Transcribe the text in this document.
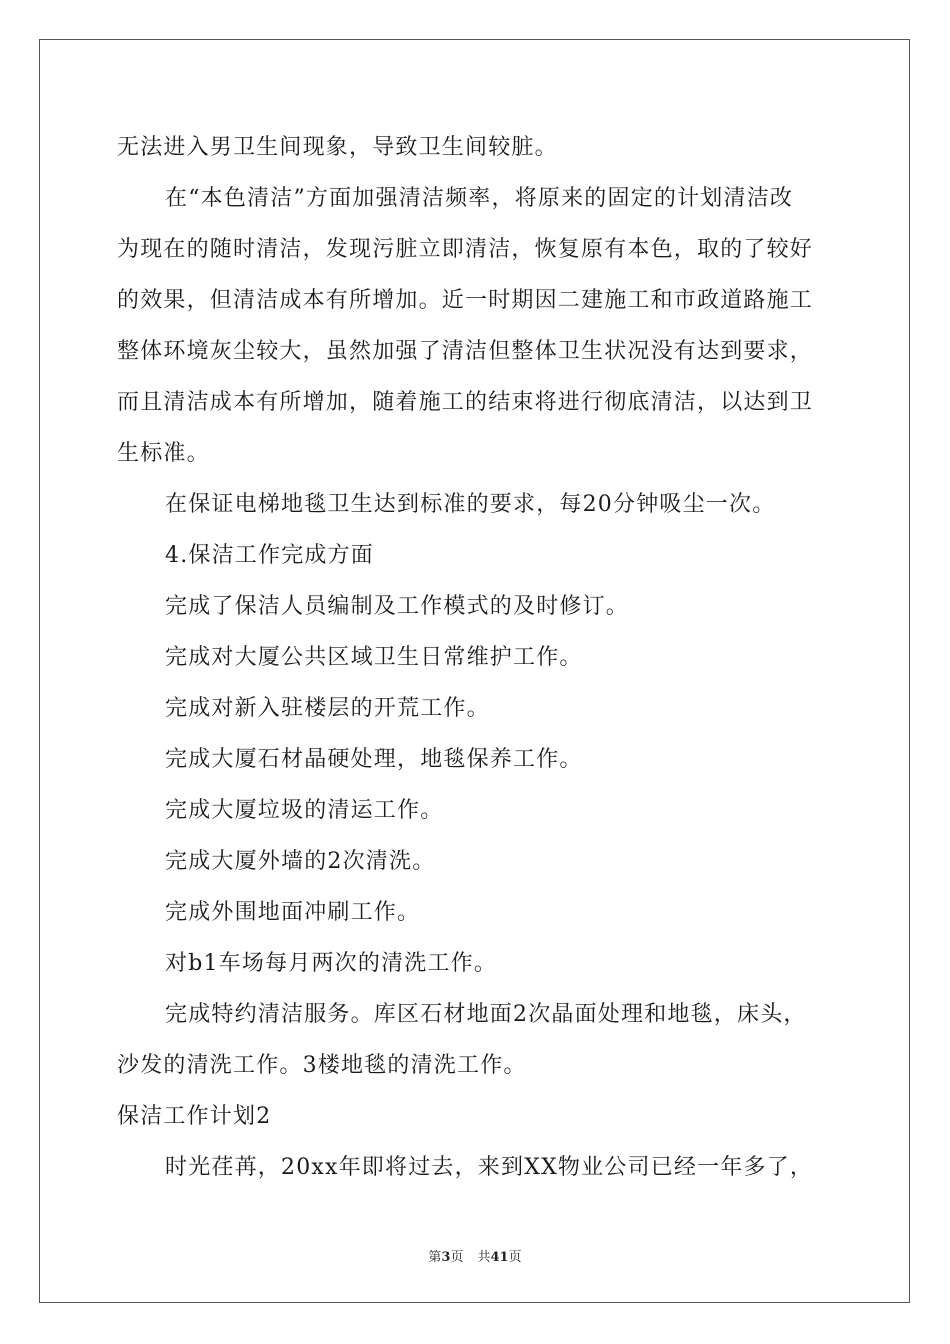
无法进入男卫生间现象，导致卫生间较脏。
在“本色清洁”方面加强清洁频率，将原来的固定的计划清洁改
为现在的随时清洁，发现污脏立即清洁，恢复原有本色，取的了较好
的效果，但清洁成本有所增加。近一时期因二建施工和市政道路施工
整体环境灰尘较大，虽然加强了清洁但整体卫生状况没有达到要求，
而且清洁成本有所增加，随着施工的结束将进行彻底清洁，以达到卫
生标准。
在保证电梯地毯卫生达到标准的要求，每20分钟吸尘一次。
4.保洁工作完成方面
完成了保洁人员编制及工作模式的及时修订。
完成对大厦公共区域卫生日常维护工作。
完成对新入驻楼层的开荒工作。
完成大厦石材晶硬处理，地毯保养工作。
完成大厦垃圾的清运工作。
完成大厦外墙的2次清洗。
完成外围地面冲刷工作。
对b1车场每月两次的清洗工作。
完成特约清洁服务。库区石材地面2次晶面处理和地毯，床头，
沙发的清洗工作。3楼地毯的清洗工作。
保洁工作计划2
时光荏苒，20xx年即将过去，来到XX物业公司已经一年多了，
第3页 共41页
